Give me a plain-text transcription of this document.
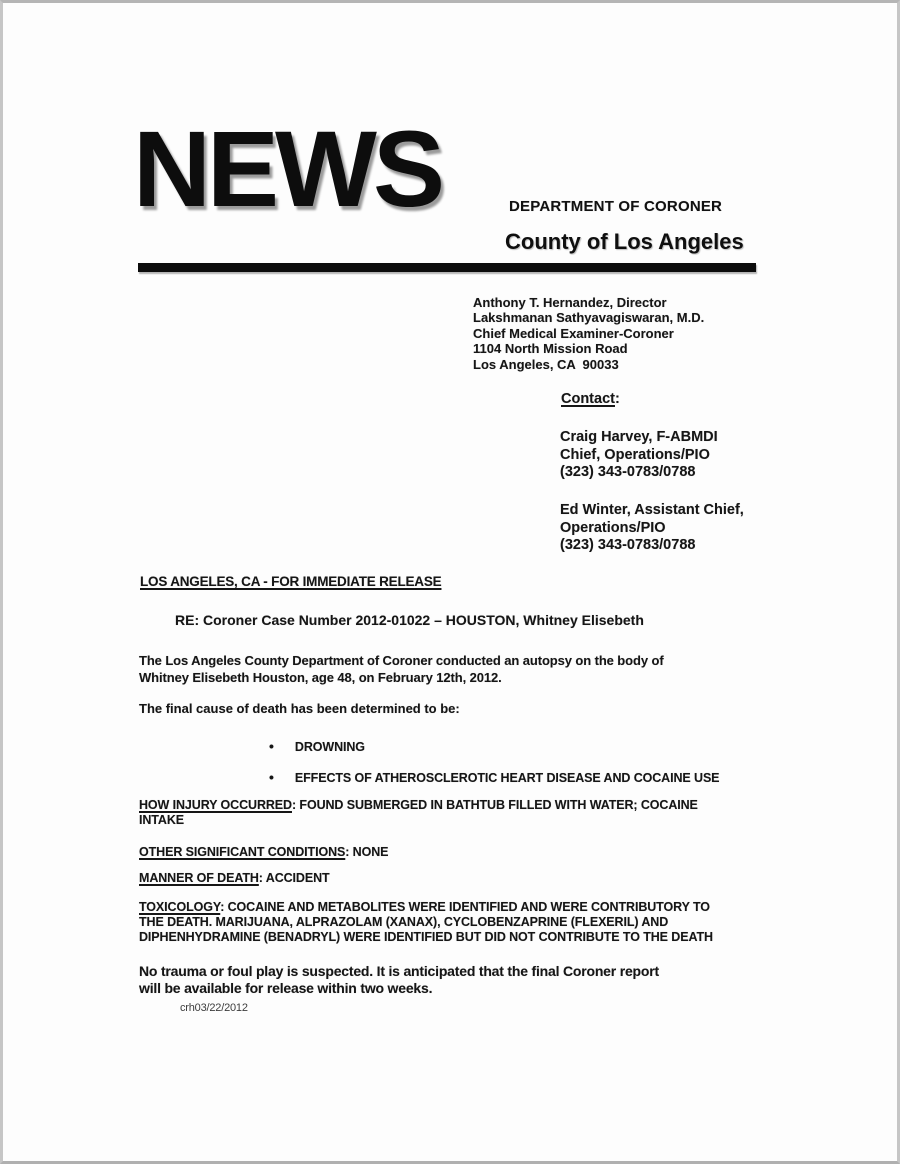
NEWS	DEPARTMENT OF CORONER
County of Los Angeles
Anthony T. Hernandez, Director
Lakshmanan Sathyavagiswaran, M.D.
Chief Medical Examiner-Coroner
1104 North Mission Road
Los Angeles, CA  90033
Contact:
Craig Harvey, F-ABMDI
Chief, Operations/PIO
(323) 343-0783/0788
Ed Winter, Assistant Chief,
Operations/PIO
(323) 343-0783/0788
LOS ANGELES, CA - FOR IMMEDIATE RELEASE
RE: Coroner Case Number 2012-01022 – HOUSTON, Whitney Elisebeth
The Los Angeles County Department of Coroner conducted an autopsy on the body of
Whitney Elisebeth Houston, age 48, on February 12th, 2012.
The final cause of death has been determined to be:
• DROWNING
• EFFECTS OF ATHEROSCLEROTIC HEART DISEASE AND COCAINE USE
HOW INJURY OCCURRED: FOUND SUBMERGED IN BATHTUB FILLED WITH WATER; COCAINE
INTAKE
OTHER SIGNIFICANT CONDITIONS: NONE
MANNER OF DEATH: ACCIDENT
TOXICOLOGY: COCAINE AND METABOLITES WERE IDENTIFIED AND WERE CONTRIBUTORY TO
THE DEATH. MARIJUANA, ALPRAZOLAM (XANAX), CYCLOBENZAPRINE (FLEXERIL) AND
DIPHENHYDRAMINE (BENADRYL) WERE IDENTIFIED BUT DID NOT CONTRIBUTE TO THE DEATH
No trauma or foul play is suspected. It is anticipated that the final Coroner report
will be available for release within two weeks.
crh03/22/2012
